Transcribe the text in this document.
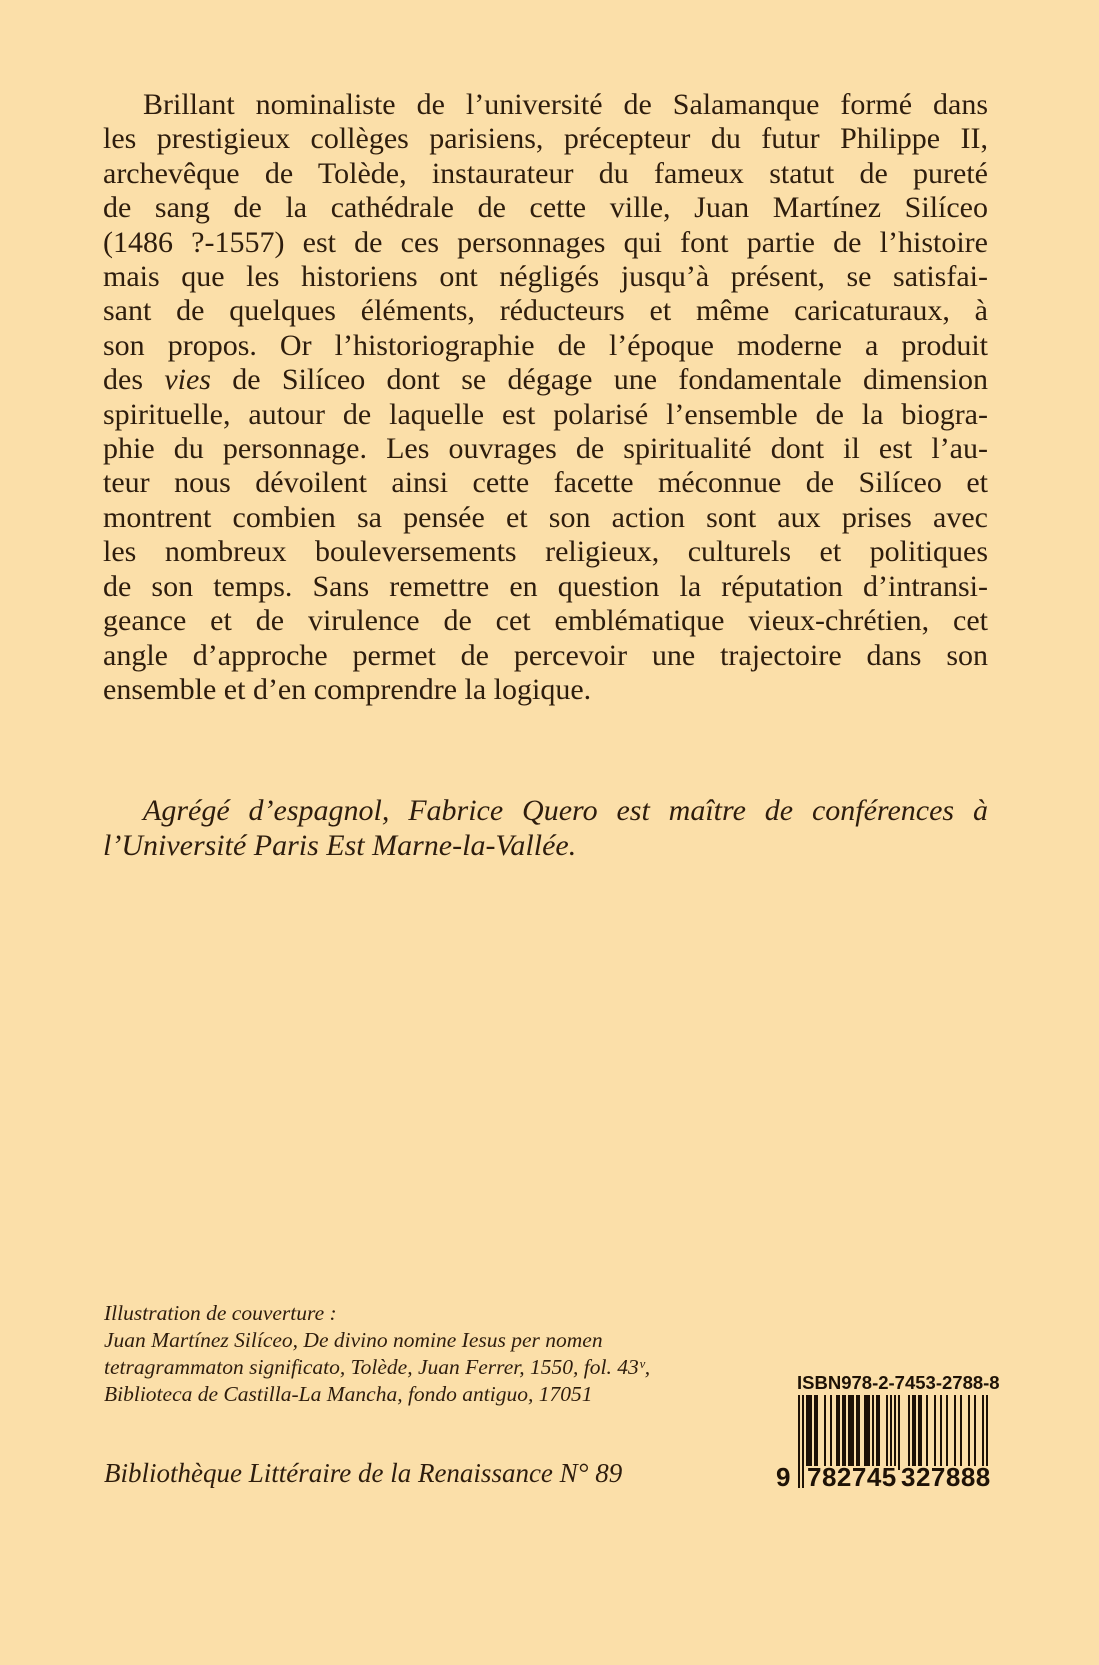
Brillant nominaliste de l’université de Salamanque formé dans
les prestigieux collèges parisiens, précepteur du futur Philippe II,
archevêque de Tolède, instaurateur du fameux statut de pureté
de sang de la cathédrale de cette ville, Juan Martínez Silíceo
(1486 ?-1557) est de ces personnages qui font partie de l’histoire
mais que les historiens ont négligés jusqu’à présent, se satisfai-
sant de quelques éléments, réducteurs et même caricaturaux, à
son propos. Or l’historiographie de l’époque moderne a produit
des vies de Silíceo dont se dégage une fondamentale dimension
spirituelle, autour de laquelle est polarisé l’ensemble de la biogra-
phie du personnage. Les ouvrages de spiritualité dont il est l’au-
teur nous dévoilent ainsi cette facette méconnue de Silíceo et
montrent combien sa pensée et son action sont aux prises avec
les nombreux bouleversements religieux, culturels et politiques
de son temps. Sans remettre en question la réputation d’intransi-
geance et de virulence de cet emblématique vieux-chrétien, cet
angle d’approche permet de percevoir une trajectoire dans son
ensemble et d’en comprendre la logique.
Agrégé d’espagnol, Fabrice Quero est maître de conférences à
l’Université Paris Est Marne-la-Vallée.
Illustration de couverture :
Juan Martínez Silíceo, De divino nomine Iesus per nomen
tetragrammaton significato, Tolède, Juan Ferrer, 1550, fol. 43ᵛ,
Biblioteca de Castilla-La Mancha, fondo antiguo, 17051
Bibliothèque Littéraire de la Renaissance N° 89
ISBN 978-2-7453-2788-8
9 782745 327888
